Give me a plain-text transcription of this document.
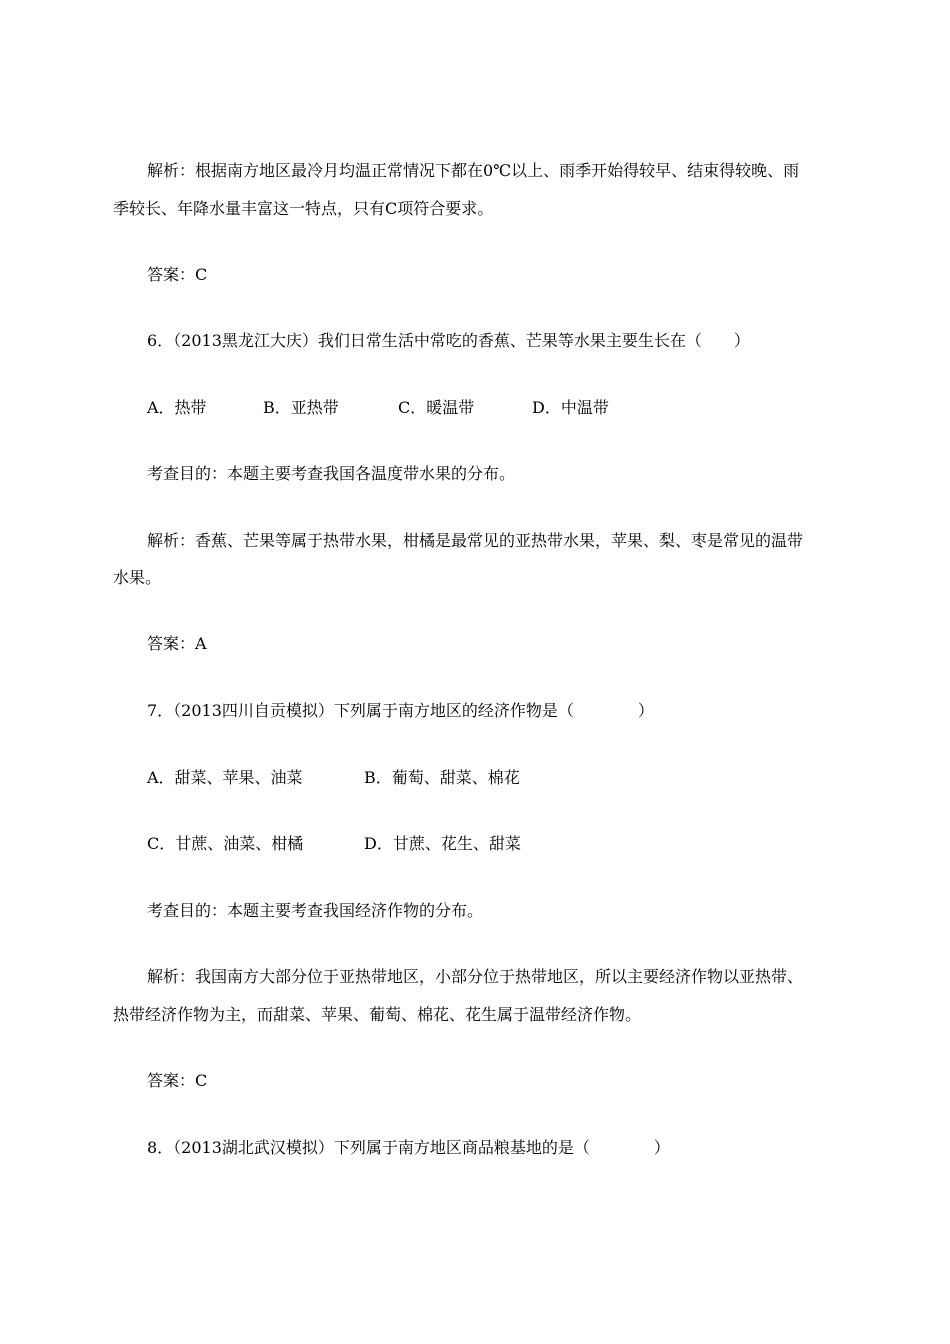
解析：根据南方地区最冷月均温正常情况下都在0℃以上、雨季开始得较早、结束得较晚、雨
季较长、年降水量丰富这一特点，只有C项符合要求。
答案：C
6．（2013黑龙江大庆）我们日常生活中常吃的香蕉、芒果等水果主要生长在（　　）
A．热带	B．亚热带	C．暖温带	D．中温带
考查目的：本题主要考查我国各温度带水果的分布。
解析：香蕉、芒果等属于热带水果，柑橘是最常见的亚热带水果，苹果、梨、枣是常见的温带
水果。
答案：A
7．（2013四川自贡模拟）下列属于南方地区的经济作物是（　　　　）
A．甜菜、苹果、油菜	B．葡萄、甜菜、棉花
C．甘蔗、油菜、柑橘	D．甘蔗、花生、甜菜
考查目的：本题主要考查我国经济作物的分布。
解析：我国南方大部分位于亚热带地区，小部分位于热带地区，所以主要经济作物以亚热带、
热带经济作物为主，而甜菜、苹果、葡萄、棉花、花生属于温带经济作物。
答案：C
8．（2013湖北武汉模拟）下列属于南方地区商品粮基地的是（　　　　）
